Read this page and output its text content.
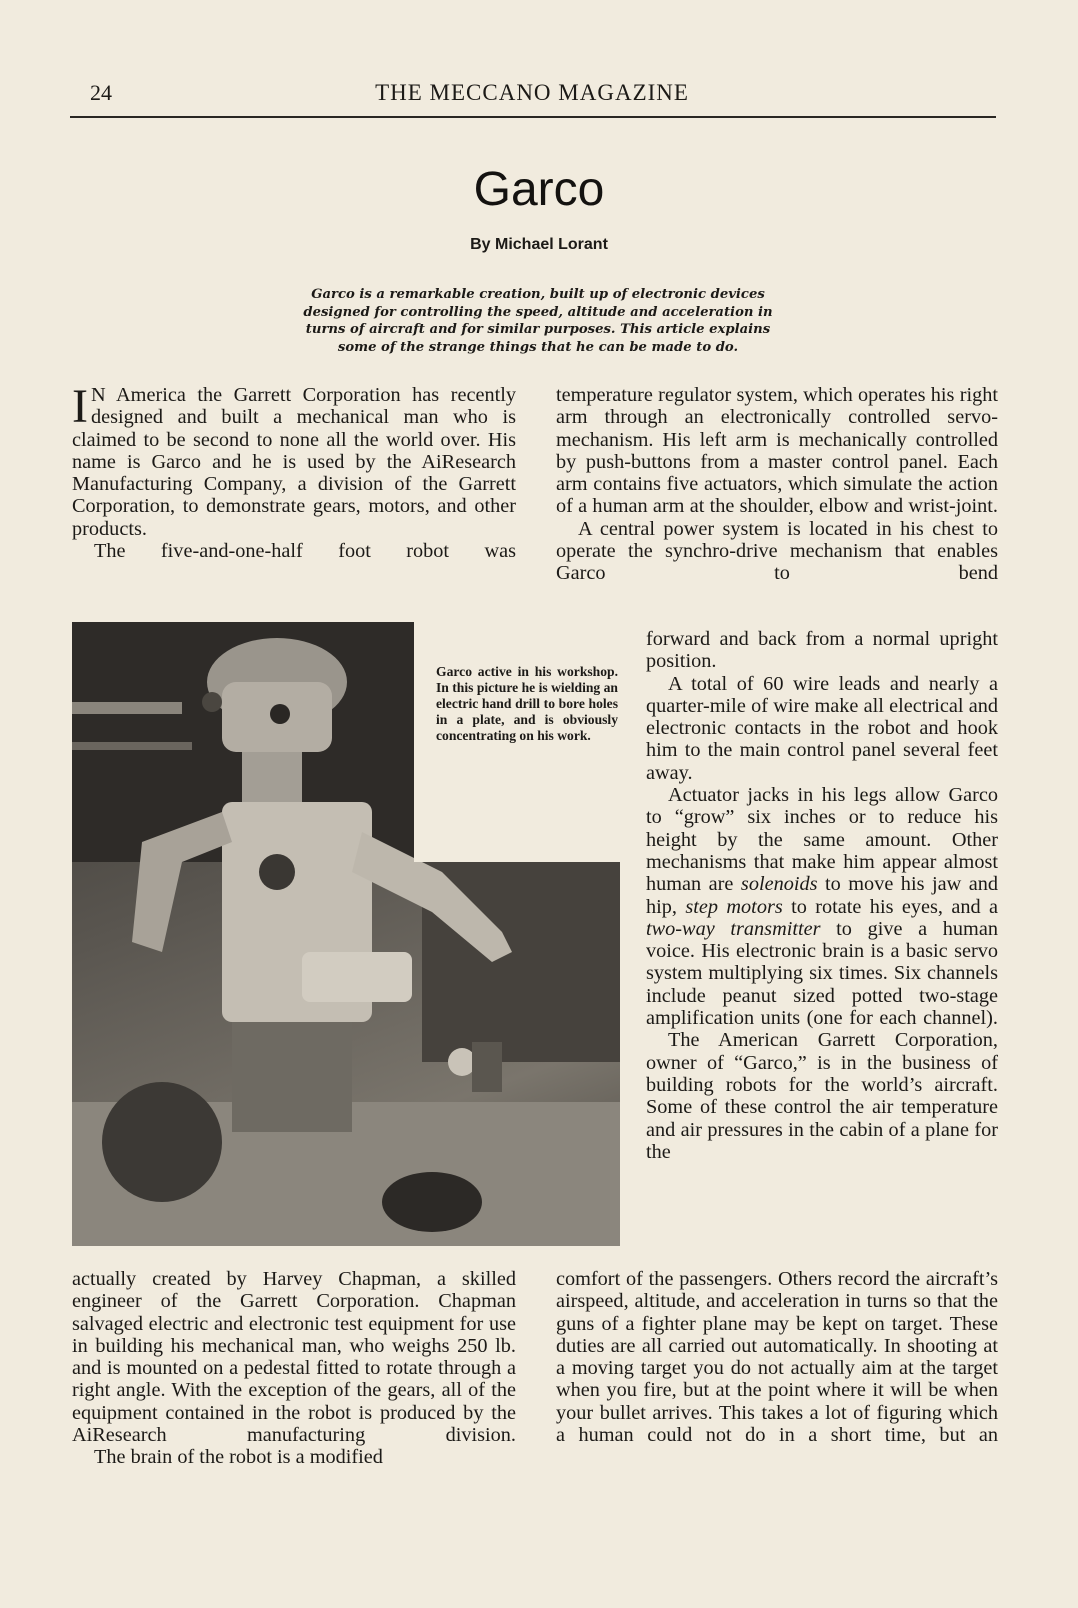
24	THE MECCANO MAGAZINE
Garco
By Michael Lorant
Garco is a remarkable creation, built up of electronic devices
designed for controlling the speed, altitude and acceleration in
turns of aircraft and for similar purposes. This article explains
some of the strange things that he can be made to do.

I N America the Garrett Corporation has recently designed and built a mechanical man who is claimed to be second to none all the world over. His name is Garco and he is used by the AiResearch Manufacturing Company, a division of the Garrett Corporation, to demonstrate gears, motors, and other products.

The five-and-one-half foot robot was

Garco active in his workshop. In this picture he is wielding an electric hand drill to bore holes in a plate, and is obviously concentrating on his work.

actually created by Harvey Chapman, a skilled engineer of the Garrett Corporation. Chapman salvaged electric and electronic test equipment for use in building his mechanical man, who weighs 250 lb. and is mounted on a pedestal fitted to rotate through a right angle. With the exception of the gears, all of the equipment contained in the robot is produced by the AiResearch manufacturing division.

The brain of the robot is a modified

temperature regulator system, which operates his right arm through an electronically controlled servo-mechanism. His left arm is mechanically controlled by push-buttons from a master control panel. Each arm contains five actuators, which simulate the action of a human arm at the shoulder, elbow and wrist-joint.

A central power system is located in his chest to operate the synchro-drive mechanism that enables Garco to bend

forward and back from a normal upright position.

A total of 60 wire leads and nearly a quarter-mile of wire make all electrical and electronic contacts in the robot and hook him to the main control panel several feet away.

Actuator jacks in his legs allow Garco to “grow” six inches or to reduce his height by the same amount. Other mechanisms that make him appear almost human are solenoids to move his jaw and hip, step motors to rotate his eyes, and a two-way transmitter to give a human voice. His electronic brain is a basic servo system multiplying six times. Six channels include peanut sized potted two-stage amplification units (one for each channel).

The American Garrett Corporation, owner of “Garco,” is in the business of building robots for the world’s aircraft. Some of these control the air temperature and air pressures in the cabin of a plane for the

comfort of the passengers. Others record the aircraft’s airspeed, altitude, and acceleration in turns so that the guns of a fighter plane may be kept on target. These duties are all carried out automatically. In shooting at a moving target you do not actually aim at the target when you fire, but at the point where it will be when your bullet arrives. This takes a lot of figuring which a human could not do in a short time, but an
